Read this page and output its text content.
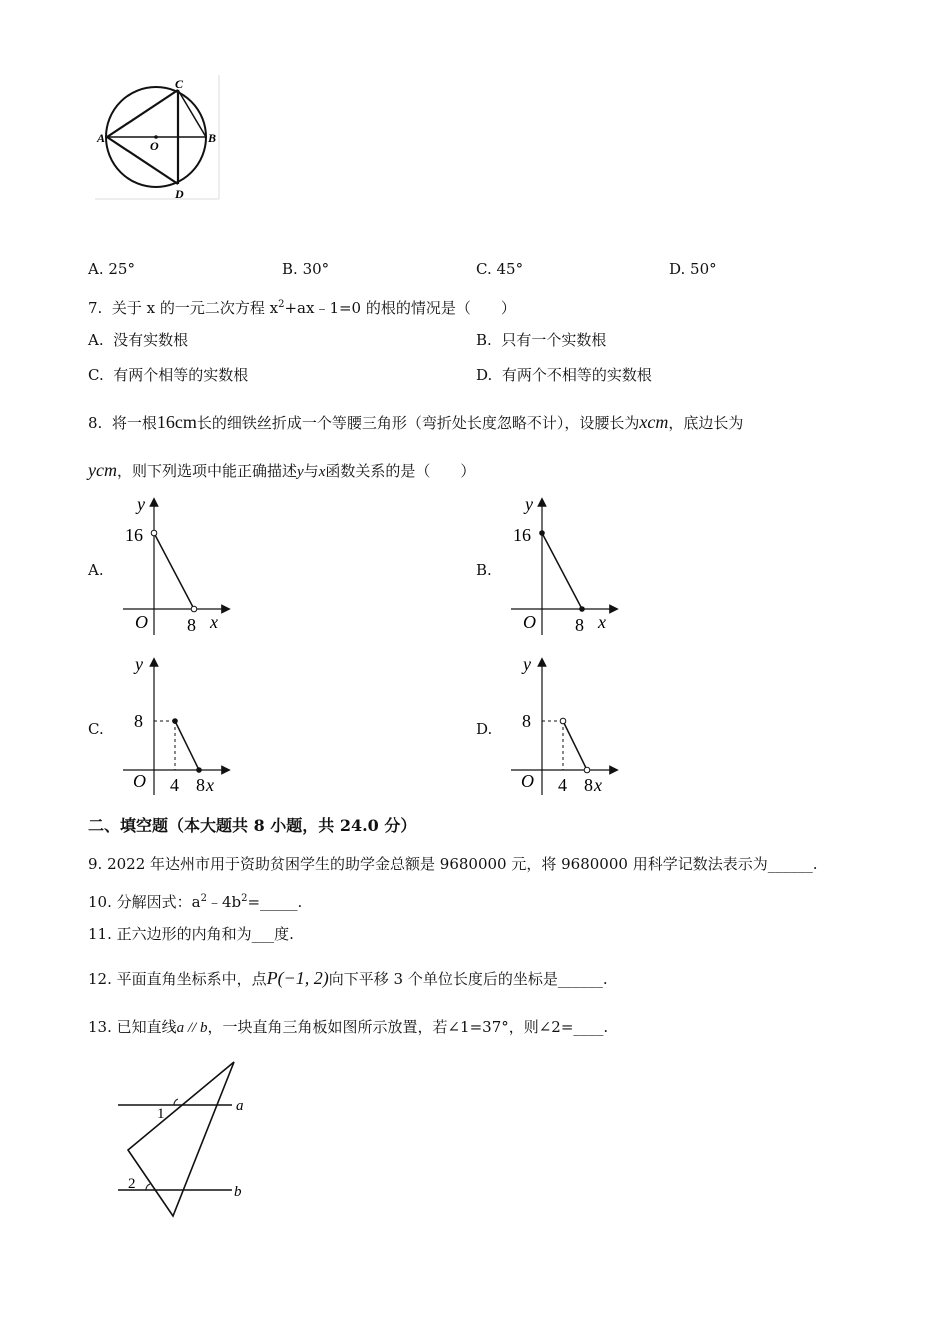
A	B
C
D
O
A. 25°	B. 30°	C. 45°	D. 50°
7. 关于 x 的一元二次方程 $x^2+ax﹣1=0$ 的根的情况是（　　）
A. 没有实数根	B. 只有一个实数根
C. 有两个相等的实数根	D. 有两个不相等的实数根
8. 将一根16cm长的细铁丝折成一个等腰三角形（弯折处长度忽略不计），设腰长为xcm，底边长为
ycm，则下列选项中能正确描述y与x函数关系的是（　　）
A.
y
16
O 8 x
B.
y
16
O 8 x
C.
y
8
O 4 8 x
D.
y
8
O 4 8 x
二、填空题（本大题共 8 小题，共 24.0 分）
9. 2022 年达州市用于资助贫困学生的助学金总额是 9680000 元，将 9680000 用科学记数法表示为______.
10. 分解因式：$a^2﹣4b^2=\_\_\_\_\_$.
11. 正六边形的内角和为___度.
12. 平面直角坐标系中，点P(−1, 2)向下平移 3 个单位长度后的坐标是______.
13. 已知直线a // b，一块直角三角板如图所示放置，若∠1=37°，则∠2=____.
1
2
a
b
